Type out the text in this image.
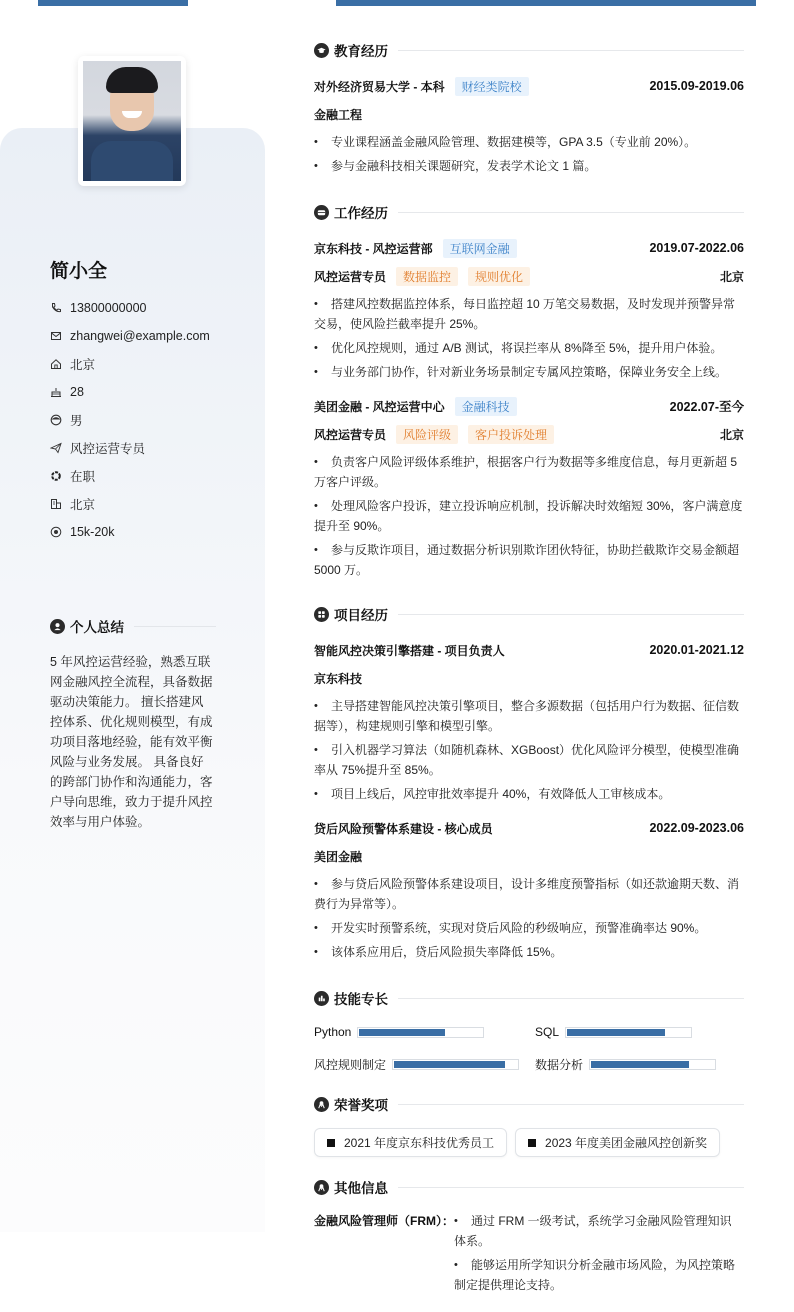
简小全
13800000000
zhangwei@example.com
北京
28
男
风控运营专员
在职
北京
15k-20k
个人总结
5 年风控运营经验，熟悉互联网金融风控全流程，具备数据驱动决策能力。 擅长搭建风控体系、优化规则模型，有成功项目落地经验，能有效平衡风险与业务发展。 具备良好的跨部门协作和沟通能力，客户导向思维，致力于提升风控效率与用户体验。
教育经历
对外经济贸易大学 - 本科	财经类院校	2015.09-2019.06
金融工程
• 专业课程涵盖金融风险管理、数据建模等，GPA 3.5（专业前 20%）。
• 参与金融科技相关课题研究，发表学术论文 1 篇。
工作经历
京东科技 - 风控运营部	互联网金融	2019.07-2022.06
风控运营专员	数据监控	规则优化	北京
• 搭建风控数据监控体系，每日监控超 10 万笔交易数据，及时发现并预警异常交易，使风险拦截率提升 25%。
• 优化风控规则，通过 A/B 测试，将误拦率从 8%降至 5%，提升用户体验。
• 与业务部门协作，针对新业务场景制定专属风控策略，保障业务安全上线。
美团金融 - 风控运营中心	金融科技	2022.07-至今
风控运营专员	风险评级	客户投诉处理	北京
• 负责客户风险评级体系维护，根据客户行为数据等多维度信息，每月更新超 5 万客户评级。
• 处理风险客户投诉，建立投诉响应机制，投诉解决时效缩短 30%，客户满意度提升至 90%。
• 参与反欺诈项目，通过数据分析识别欺诈团伙特征，协助拦截欺诈交易金额超 5000 万。
项目经历
智能风控决策引擎搭建 - 项目负责人	2020.01-2021.12
京东科技
• 主导搭建智能风控决策引擎项目，整合多源数据（包括用户行为数据、征信数据等），构建规则引擎和模型引擎。
• 引入机器学习算法（如随机森林、XGBoost）优化风险评分模型，使模型准确率从 75%提升至 85%。
• 项目上线后，风控审批效率提升 40%，有效降低人工审核成本。
贷后风险预警体系建设 - 核心成员	2022.09-2023.06
美团金融
• 参与贷后风险预警体系建设项目，设计多维度预警指标（如还款逾期天数、消费行为异常等）。
• 开发实时预警系统，实现对贷后风险的秒级响应，预警准确率达 90%。
• 该体系应用后，贷后风险损失率降低 15%。
技能专长
Python	SQL
风控规则制定	数据分析
荣誉奖项
2021 年度京东科技优秀员工	2023 年度美团金融风控创新奖
其他信息
金融风险管理师（FRM）：	• 通过 FRM 一级考试，系统学习金融风险管理知识体系。
• 能够运用所学知识分析金融市场风险，为风控策略制定提供理论支持。
